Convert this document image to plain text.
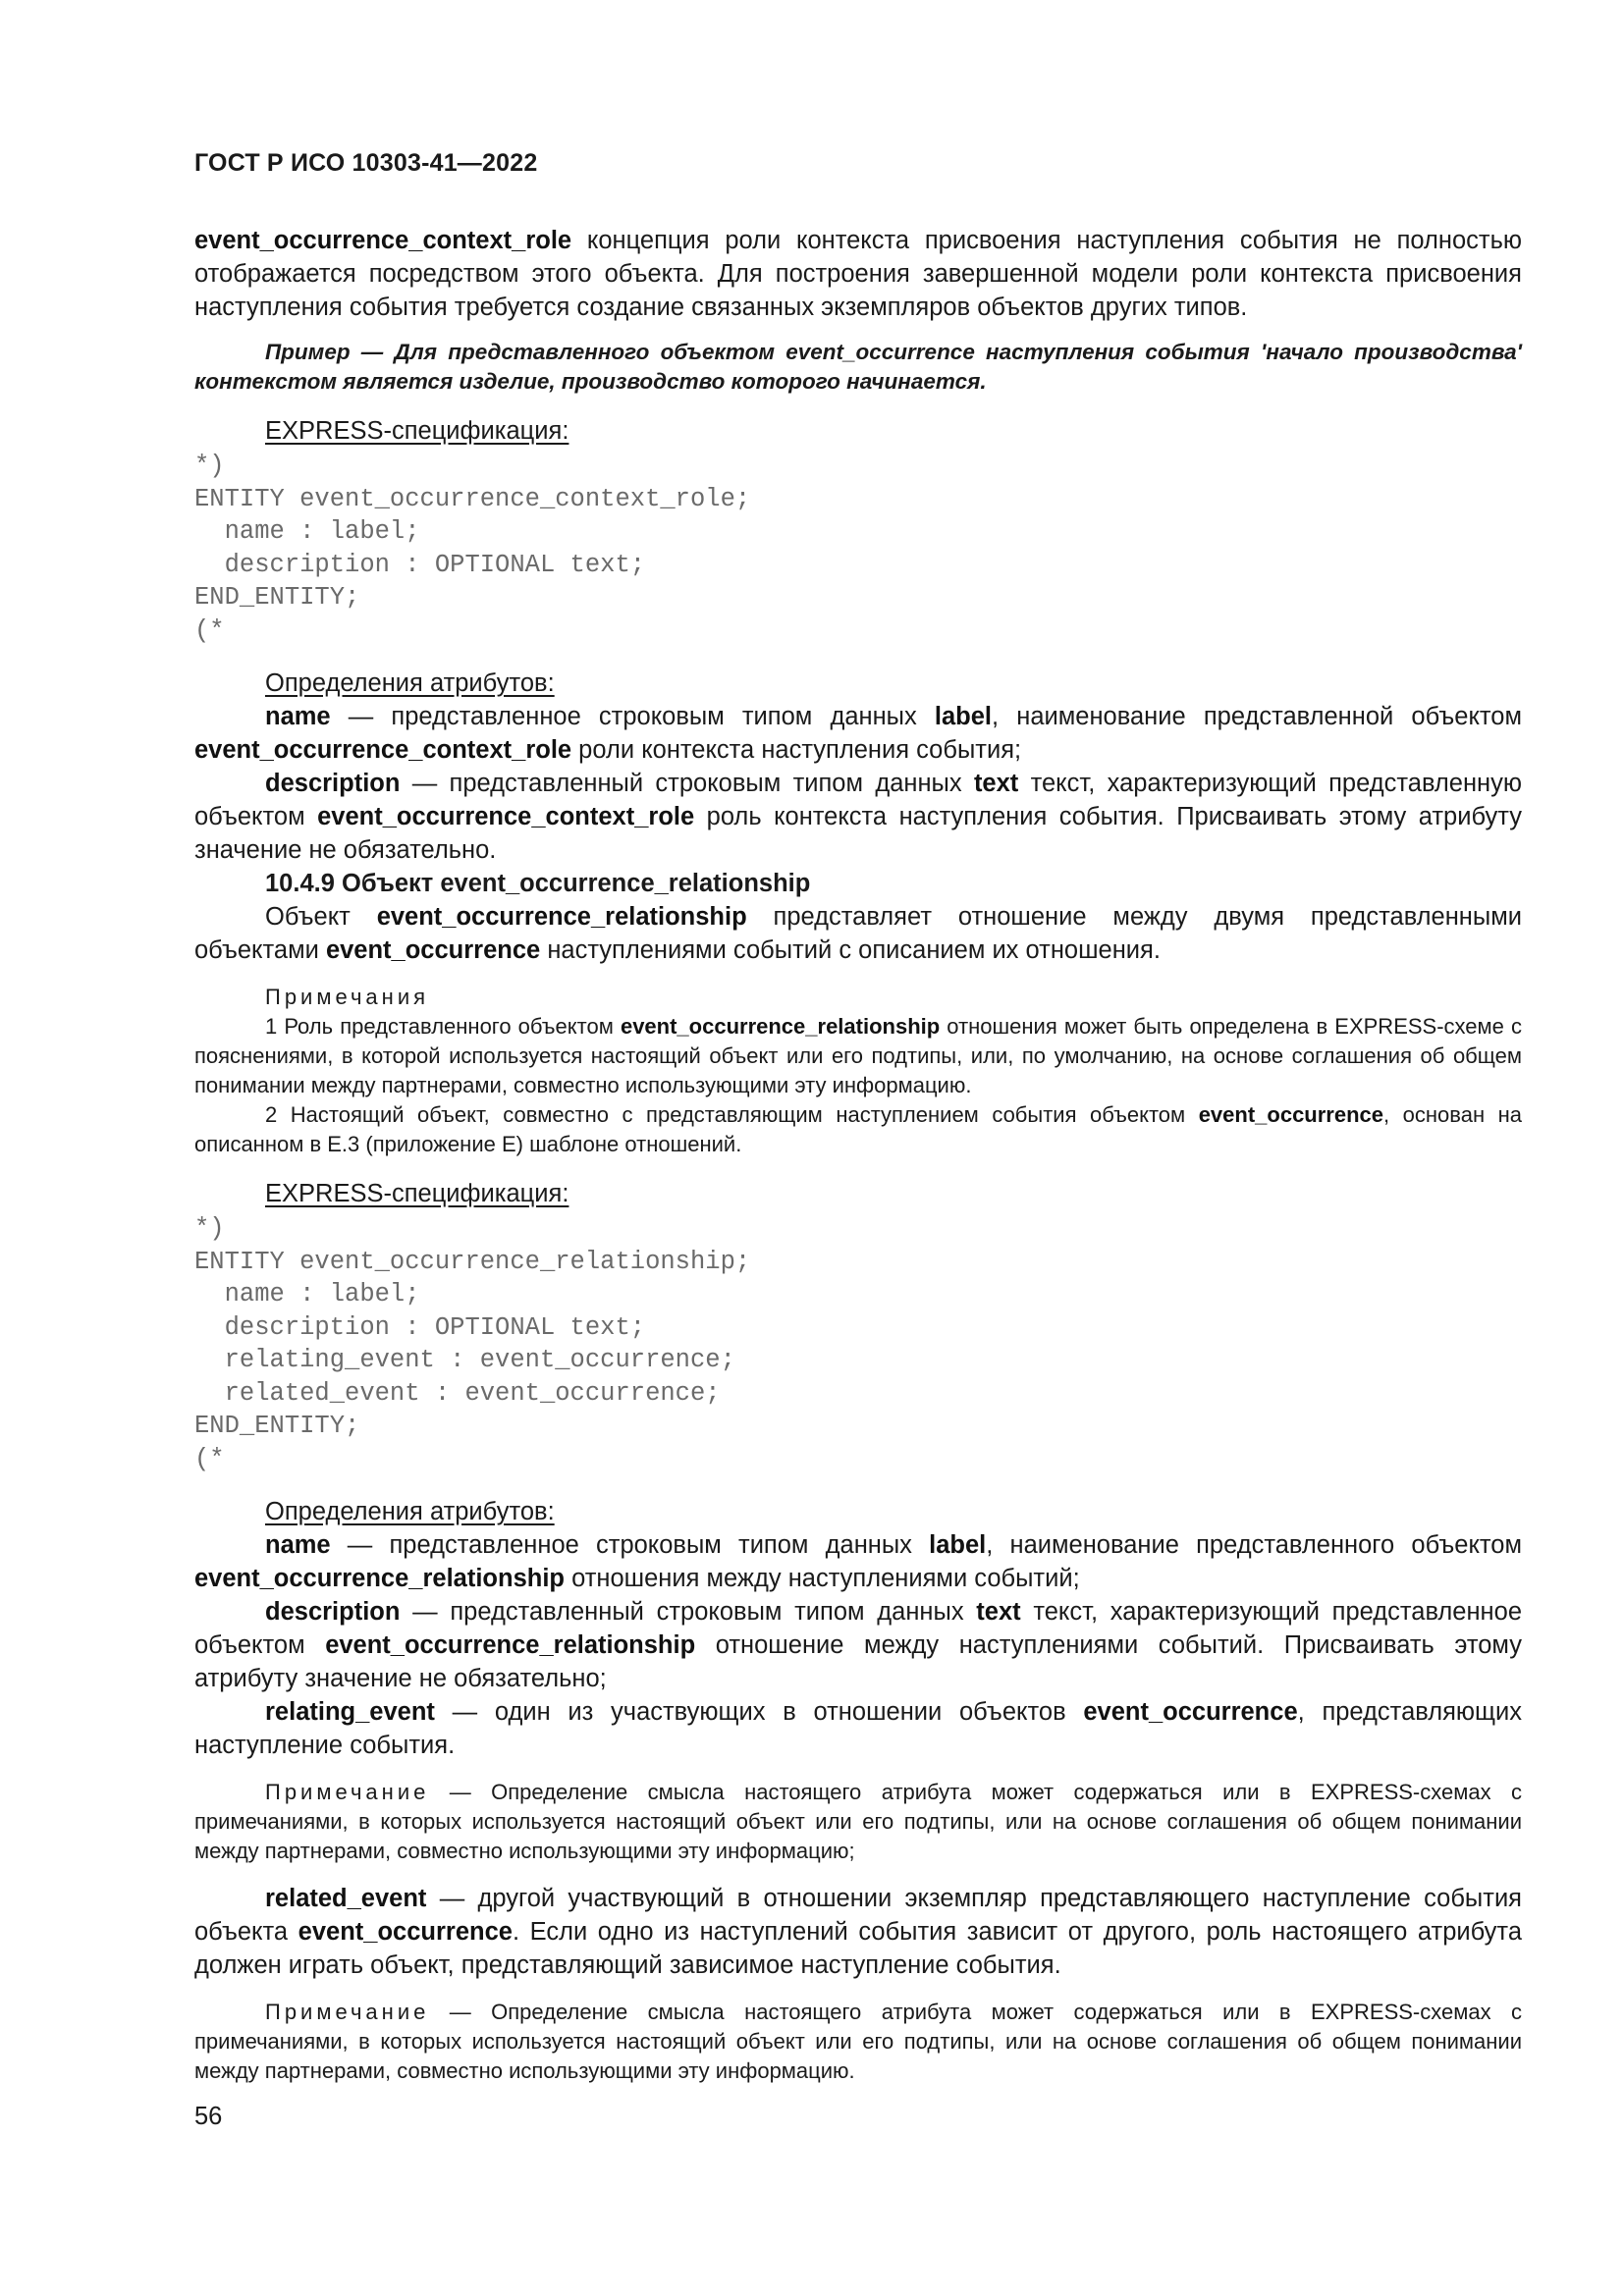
ГОСТ Р ИСО 10303-41—2022

event_occurrence_context_role концепция роли контекста присвоения наступления события не полностью отображается посредством этого объекта. Для построения завершенной модели роли контекста присвоения наступления события требуется создание связанных экземпляров объектов других типов.

Пример — Для представленного объектом event_occurrence наступления события 'начало производства' контекстом является изделие, производство которого начинается.

EXPRESS-спецификация:

*)
ENTITY event_occurrence_context_role;
name : label;
description : OPTIONAL text;
END_ENTITY;
(*

Определения атрибутов:

name — представленное строковым типом данных label, наименование представленной объектом event_occurrence_context_role роли контекста наступления события;

description — представленный строковым типом данных text текст, характеризующий представленную объектом event_occurrence_context_role роль контекста наступления события. Присваивать этому атрибуту значение не обязательно.

10.4.9 Объект event_occurrence_relationship

Объект event_occurrence_relationship представляет отношение между двумя представленными объектами event_occurrence наступлениями событий с описанием их отношения.

Примечания

1 Роль представленного объектом event_occurrence_relationship отношения может быть определена в EXPRESS-схеме с пояснениями, в которой используется настоящий объект или его подтипы, или, по умолчанию, на основе соглашения об общем понимании между партнерами, совместно использующими эту информацию.

2 Настоящий объект, совместно с представляющим наступлением события объектом event_occurrence, основан на описанном в Е.3 (приложение Е) шаблоне отношений.

EXPRESS-спецификация:

*)
ENTITY event_occurrence_relationship;
name : label;
description : OPTIONAL text;
relating_event : event_occurrence;
related_event : event_occurrence;
END_ENTITY;
(*

Определения атрибутов:

name — представленное строковым типом данных label, наименование представленного объектом event_occurrence_relationship отношения между наступлениями событий;

description — представленный строковым типом данных text текст, характеризующий представленное объектом event_occurrence_relationship отношение между наступлениями событий. Присваивать этому атрибуту значение не обязательно;

relating_event — один из участвующих в отношении объектов event_occurrence, представляющих наступление события.

Примечание — Определение смысла настоящего атрибута может содержаться или в EXPRESS-схемах с примечаниями, в которых используется настоящий объект или его подтипы, или на основе соглашения об общем понимании между партнерами, совместно использующими эту информацию;

related_event — другой участвующий в отношении экземпляр представляющего наступление события объекта event_occurrence. Если одно из наступлений события зависит от другого, роль настоящего атрибута должен играть объект, представляющий зависимое наступление события.

Примечание — Определение смысла настоящего атрибута может содержаться или в EXPRESS-схемах с примечаниями, в которых используется настоящий объект или его подтипы, или на основе соглашения об общем понимании между партнерами, совместно использующими эту информацию.

56
